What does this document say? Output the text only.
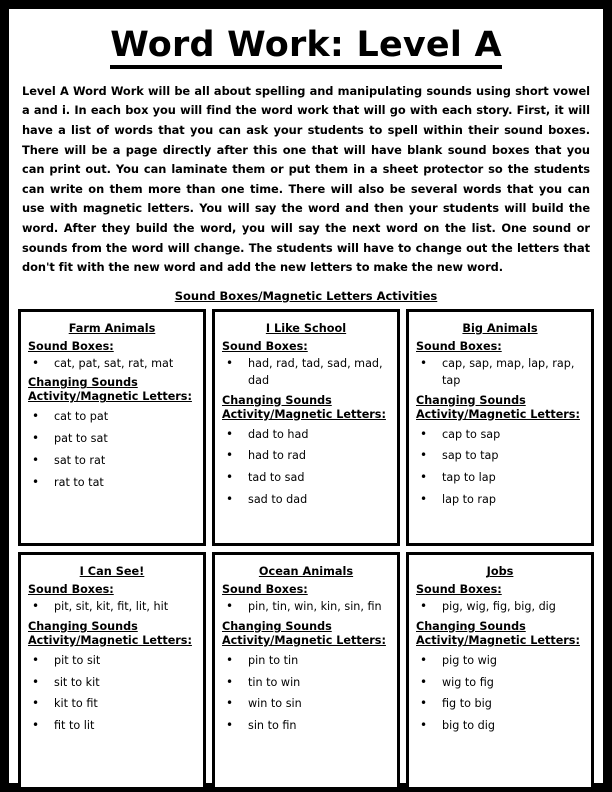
Word Work: Level A

Level A Word Work will be all about spelling and manipulating sounds using short vowel a and i. In each box you will find the word work that will go with each story. First, it will have a list of words that you can ask your students to spell within their sound boxes. There will be a page directly after this one that will have blank sound boxes that you can print out. You can laminate them or put them in a sheet protector so the students can write on them more than one time. There will also be several words that you can use with magnetic letters. You will say the word and then your students will build the word. After they build the word, you will say the next word on the list. One sound or sounds from the word will change. The students will have to change out the letters that don't fit with the new word and add the new letters to make the new word.

Sound Boxes/Magnetic Letters Activities
Farm Animals
Sound Boxes:
• cat, pat, sat, rat, mat
Changing Sounds
Activity/Magnetic Letters:
• cat to pat
• pat to sat
• sat to rat
• rat to tat
I Like School
Sound Boxes:
• had, rad, tad, sad, mad, dad
Changing Sounds
Activity/Magnetic Letters:
• dad to had
• had to rad
• tad to sad
• sad to dad
Big Animals
Sound Boxes:
• cap, sap, map, lap, rap, tap
Changing Sounds
Activity/Magnetic Letters:
• cap to sap
• sap to tap
• tap to lap
• lap to rap
I Can See!
Sound Boxes:
• pit, sit, kit, fit, lit, hit
Changing Sounds
Activity/Magnetic Letters:
• pit to sit
• sit to kit
• kit to fit
• fit to lit
Ocean Animals
Sound Boxes:
• pin, tin, win, kin, sin, fin
Changing Sounds
Activity/Magnetic Letters:
• pin to tin
• tin to win
• win to sin
• sin to fin
Jobs
Sound Boxes:
• pig, wig, fig, big, dig
Changing Sounds
Activity/Magnetic Letters:
• pig to wig
• wig to fig
• fig to big
• big to dig
